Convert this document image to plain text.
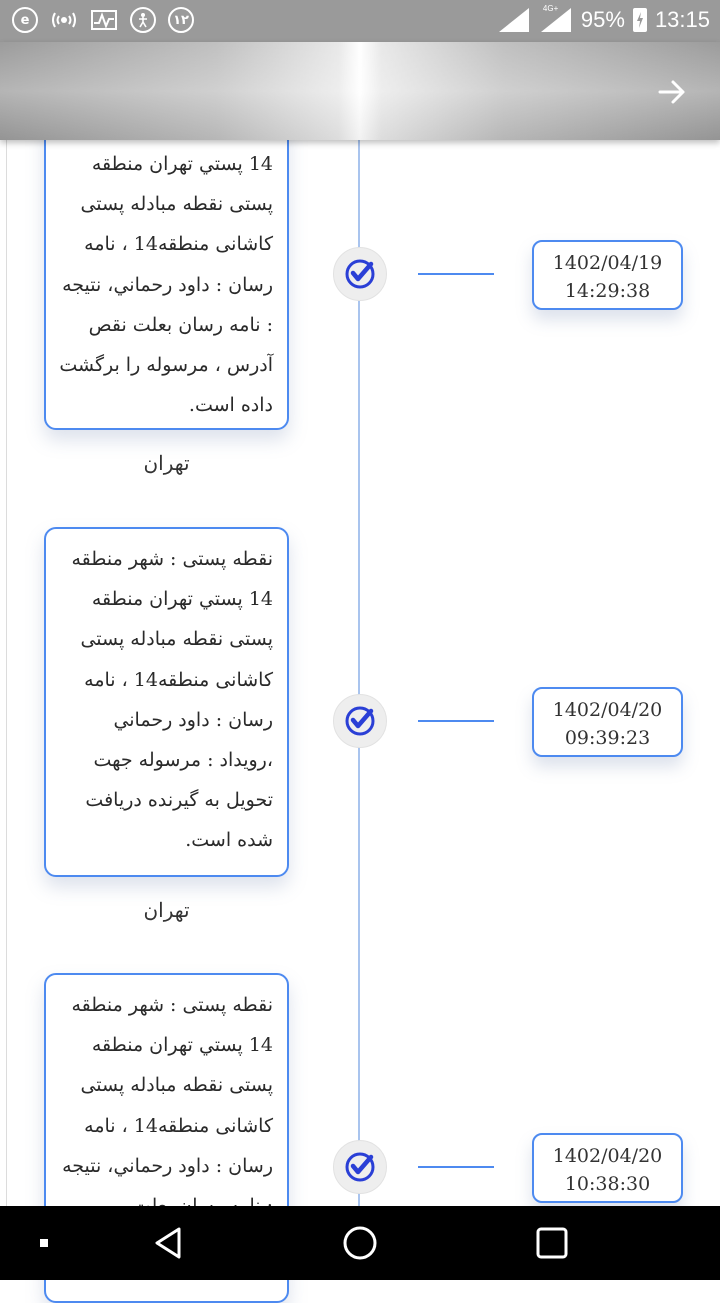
e	١٢	1	2
4G+ 95% 13:15
14 پستي تهران منطقه پستی نقطه مبادله پستی کاشانی منطقه14 ، نامه رسان : داود رحماني، نتیجه : نامه رسان بعلت نقص آدرس ، مرسوله را برگشت داده است.
تهران
1402/04/19
14:29:38
نقطه پستی : شهر منطقه 14 پستي تهران منطقه پستی نقطه مبادله پستی کاشانی منطقه14 ، نامه رسان : داود رحماني ،رویداد : مرسوله جهت تحویل به گیرنده دریافت شده است.
تهران
1402/04/20
09:39:23
نقطه پستی : شهر منطقه 14 پستي تهران منطقه پستی نقطه مبادله پستی کاشانی منطقه14 ، نامه رسان : داود رحماني، نتیجه	1402/04/20
10:38:30
